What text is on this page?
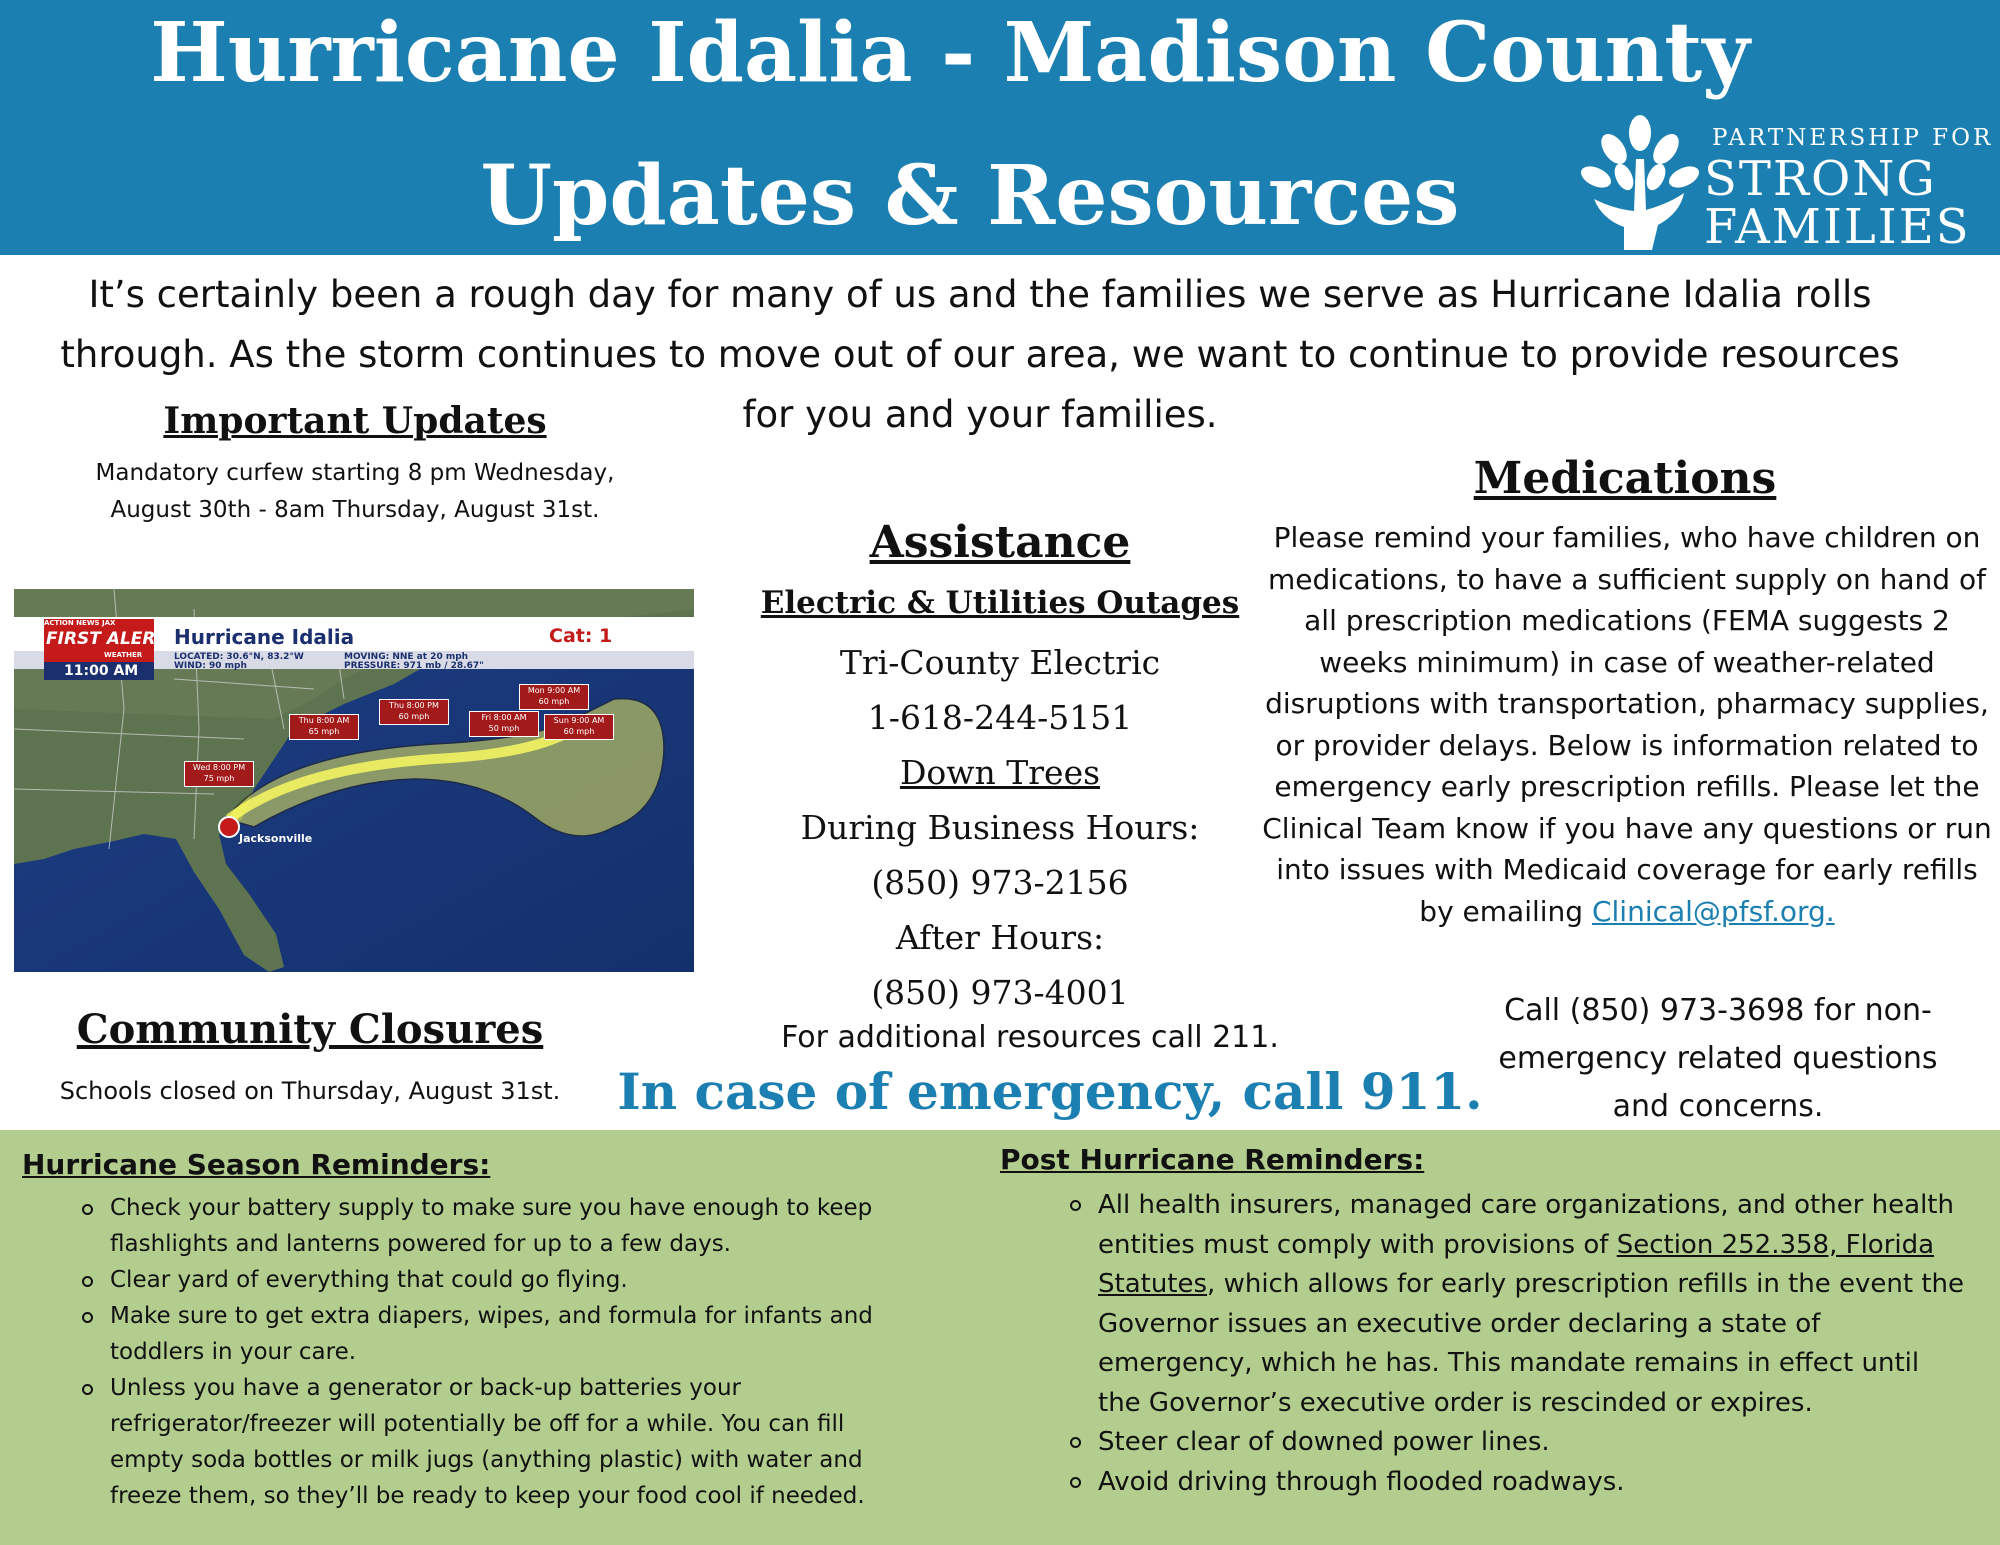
Hurricane Idalia - Madison County
Updates & Resources
PARTNERSHIP FOR
STRONG
FAMILIES
It’s certainly been a rough day for many of us and the families we serve as Hurricane Idalia rolls through. As the storm continues to move out of our area, we want to continue to provide resources for you and your families.
Important Updates
Mandatory curfew starting 8 pm Wednesday, August 30th - 8am Thursday, August 31st.
ACTION NEWS JAX
FIRST ALERT
WEATHER
11:00 AM
Hurricane Idalia	Cat: 1
LOCATED: 30.6°N, 83.2°W
WIND: 90 mph
MOVING: NNE at 20 mph
PRESSURE: 971 mb / 28.67"
Jacksonville
Wed 8:00 PM
75 mph
Thu 8:00 AM
65 mph
Thu 8:00 PM
60 mph	Fri 8:00 AM
50 mph
Mon 9:00 AM
60 mph
Sun 9:00 AM
60 mph
Community Closures
Schools closed on Thursday, August 31st.
Assistance
Electric & Utilities Outages
Tri-County Electric
1-618-244-5151
Down Trees
During Business Hours:
(850) 973-2156
After Hours:
(850) 973-4001
For additional resources call 211.
In case of emergency, call 911.
Medications
Please remind your families, who have children on medications, to have a sufficient supply on hand of all prescription medications (FEMA suggests 2 weeks minimum) in case of weather-related disruptions with transportation, pharmacy supplies, or provider delays. Below is information related to emergency early prescription refills. Please let the Clinical Team know if you have any questions or run into issues with Medicaid coverage for early refills by emailing Clinical@pfsf.org.
Call (850) 973-3698 for non-emergency related questions and concerns.
Hurricane Season Reminders:
Check your battery supply to make sure you have enough to keep flashlights and lanterns powered for up to a few days.
Clear yard of everything that could go flying.
Make sure to get extra diapers, wipes, and formula for infants and toddlers in your care.
Unless you have a generator or back-up batteries your refrigerator/freezer will potentially be off for a while. You can fill empty soda bottles or milk jugs (anything plastic) with water and freeze them, so they’ll be ready to keep your food cool if needed.
Post Hurricane Reminders:
All health insurers, managed care organizations, and other health entities must comply with provisions of Section 252.358, Florida Statutes, which allows for early prescription refills in the event the Governor issues an executive order declaring a state of emergency, which he has. This mandate remains in effect until the Governor’s executive order is rescinded or expires.
Steer clear of downed power lines.
Avoid driving through flooded roadways.
